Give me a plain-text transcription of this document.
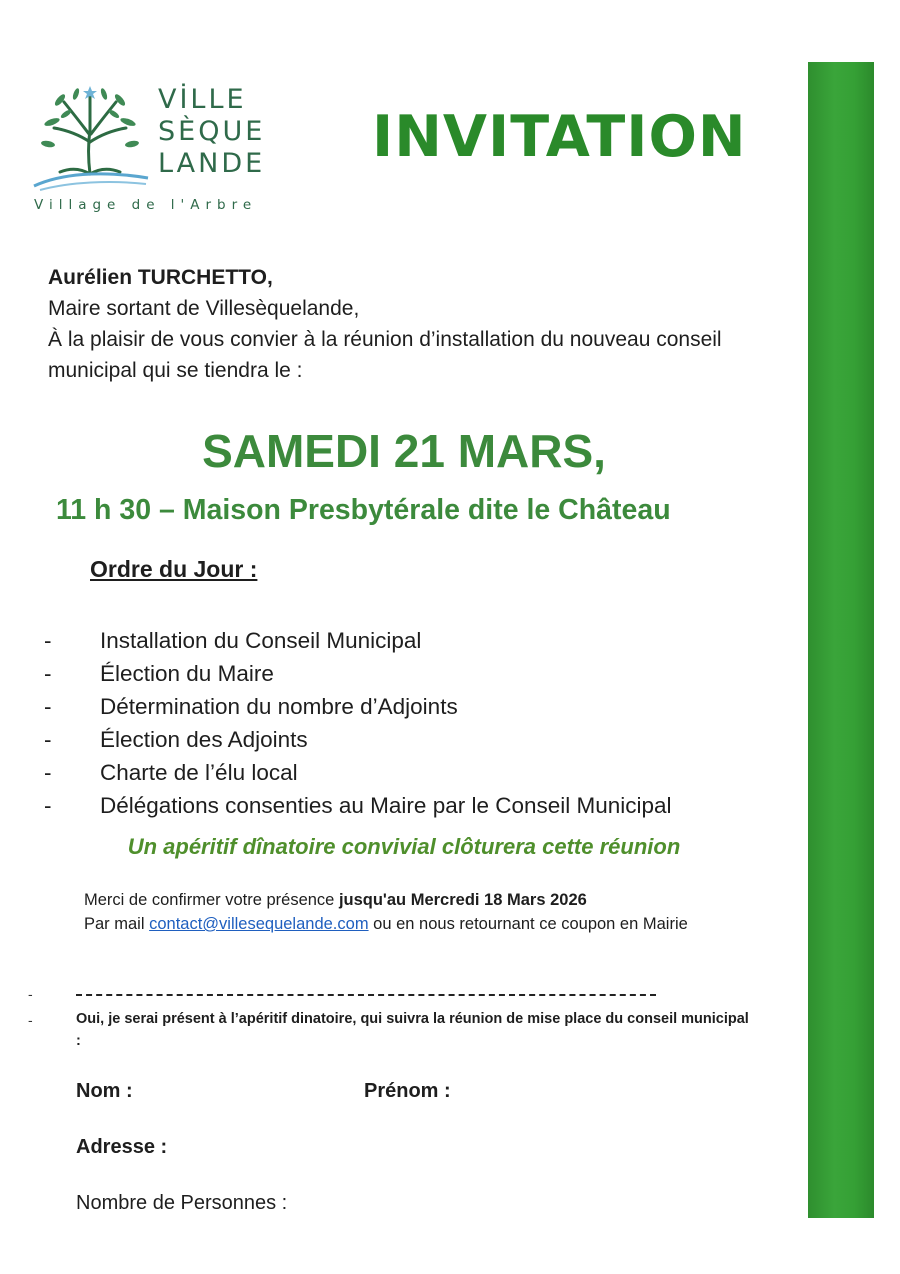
VİLLE
SÈQUE
LANDE
Village de l'Arbre
INVITATION
Aurélien TURCHETTO,
Maire sortant de Villesèquelande,
À la plaisir de vous convier à la réunion d’installation du nouveau conseil municipal qui se tiendra le :
SAMEDI 21 MARS,
11 h 30 – Maison Presbytérale dite le Château
Ordre du Jour :
-	Installation du Conseil Municipal
-	Élection du Maire
-	Détermination du nombre d’Adjoints
-	Élection des Adjoints
-	Charte de l’élu local
-	Délégations consenties au Maire par le Conseil Municipal
Un apéritif dînatoire convivial clôturera cette réunion
Merci de confirmer votre présence jusqu'au Mercredi 18 Mars 2026
Par mail contact@villesequelande.com ou en nous retournant ce coupon en Mairie
-
-	Oui, je serai présent à l’apéritif dinatoire, qui suivra la réunion de mise place du conseil municipal :
Nom :	Prénom :
Adresse :
Nombre de Personnes :
